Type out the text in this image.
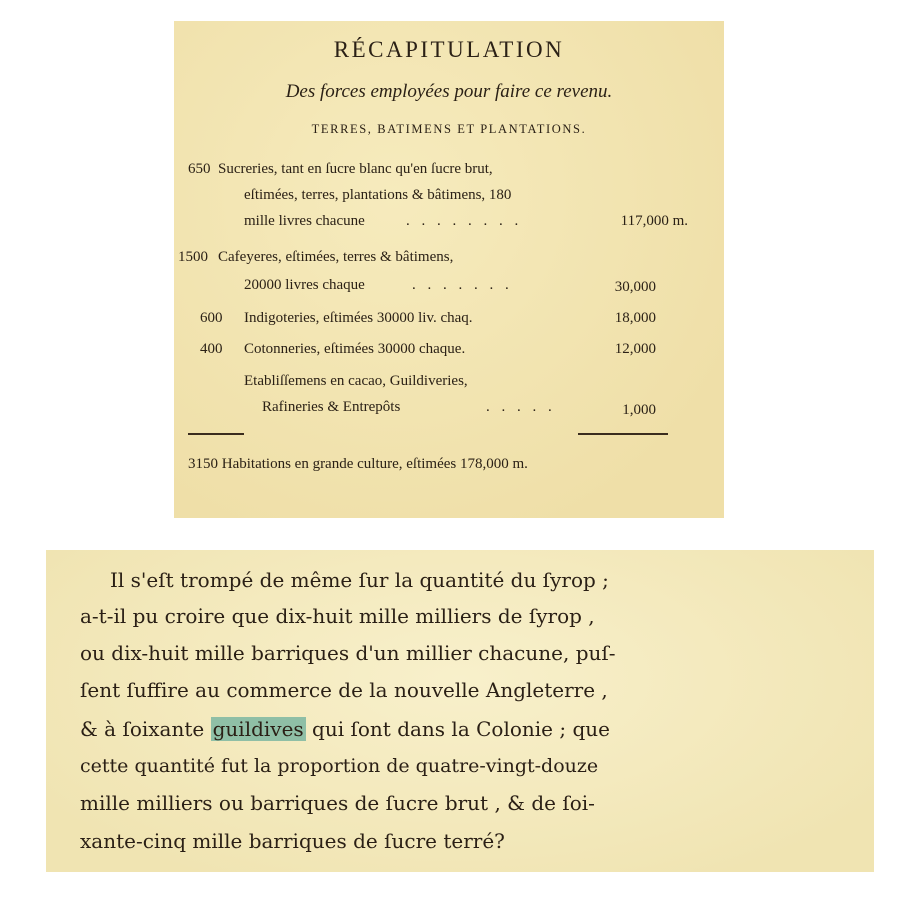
RÉCAPITULATION
Des forces employées pour faire ce revenu.
TERRES, BATIMENS ET PLANTATIONS.
650 Sucreries, tant en ſucre blanc qu'en ſucre brut,
eſtimées, terres, plantations & bâtimens, 180
mille livres chacune	. . . . . . . .	117,000 m.
1500 Cafeyeres, eſtimées, terres & bâtimens,
20000 livres chaque	. . . . . . .	30,000
600 Indigoteries, eſtimées 30000 liv. chaq.	18,000
400 Cotonneries, eſtimées 30000 chaque.	12,000
Etabliſſemens en cacao, Guildiveries,
Rafineries & Entrepôts	. . . . .	1,000
3150 Habitations en grande culture, eſtimées 178,000 m.
Il s'eſt trompé de même ſur la quantité du ſyrop ;
a-t-il pu croire que dix-huit mille milliers de ſyrop ,
ou dix-huit mille barriques d'un millier chacune, puſ-
ſent ſuffire au commerce de la nouvelle Angleterre ,
& à ſoixante guildives qui ſont dans la Colonie ; que
cette quantité fut la proportion de quatre-vingt-douze
mille milliers ou barriques de ſucre brut , & de ſoi-
xante-cinq mille barriques de ſucre terré?
